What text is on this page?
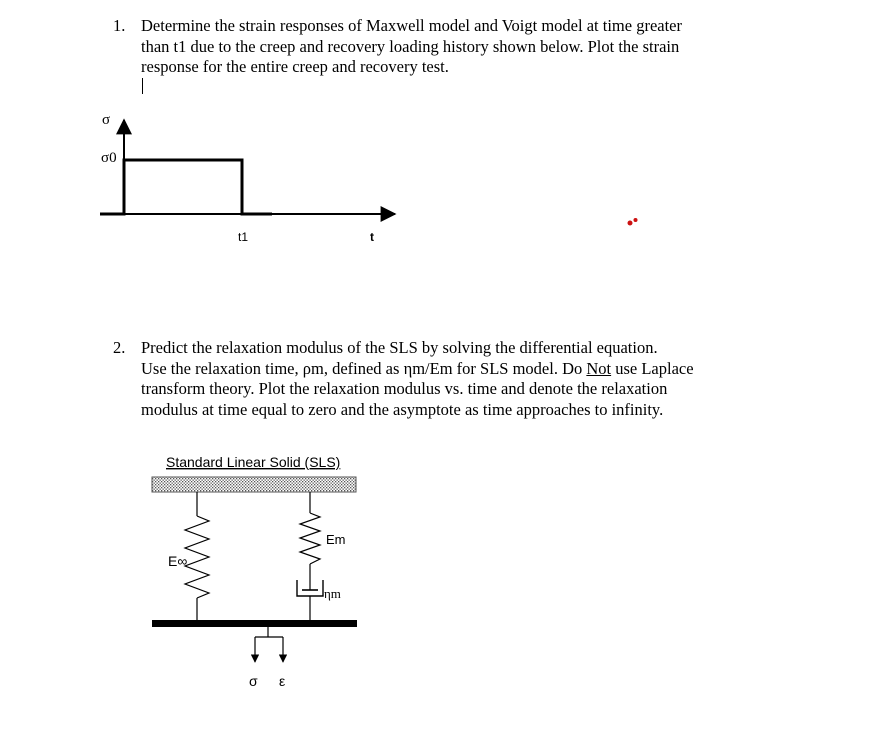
1. Determine the strain responses of Maxwell model and Voigt model at time greater
than t1 due to the creep and recovery loading history shown below. Plot the strain
response for the entire creep and recovery test.
σ
σ0
t1	t
2. Predict the relaxation modulus of the SLS by solving the differential equation.
Use the relaxation time, ρm, defined as ηm/Em for SLS model. Do Not use Laplace
transform theory. Plot the relaxation modulus vs. time and denote the relaxation
modulus at time equal to zero and the asymptote as time approaches to infinity.
Standard Linear Solid (SLS)
E∞
Em
ηm
σ ε
